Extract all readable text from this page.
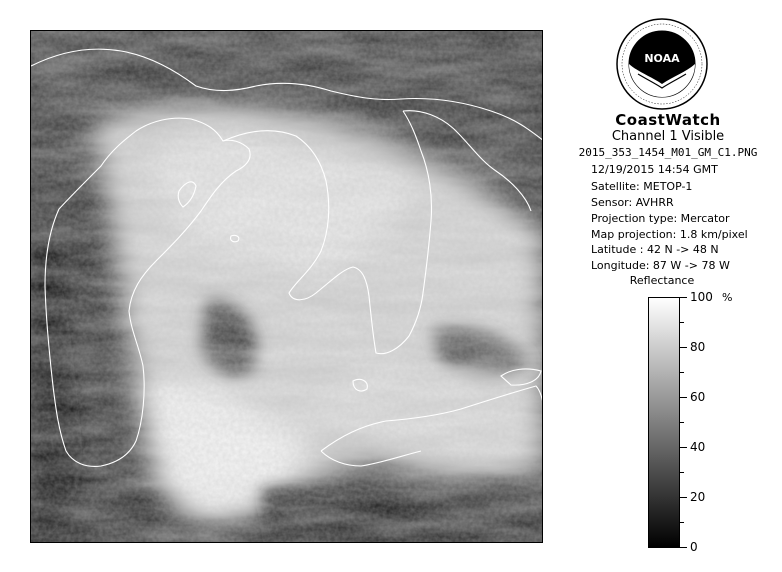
NOAA
CoastWatch
Channel 1 Visible
2015_353_1454_M01_GM_C1.PNG
12/19/2015 14:54 GMT
Satellite: METOP-1
Sensor: AVHRR
Projection type: Mercator
Map projection: 1.8 km/pixel
Latitude : 42 N -> 48 N
Longitude: 87 W -> 78 W
Reflectance
%
100
80
60
40
20
0
